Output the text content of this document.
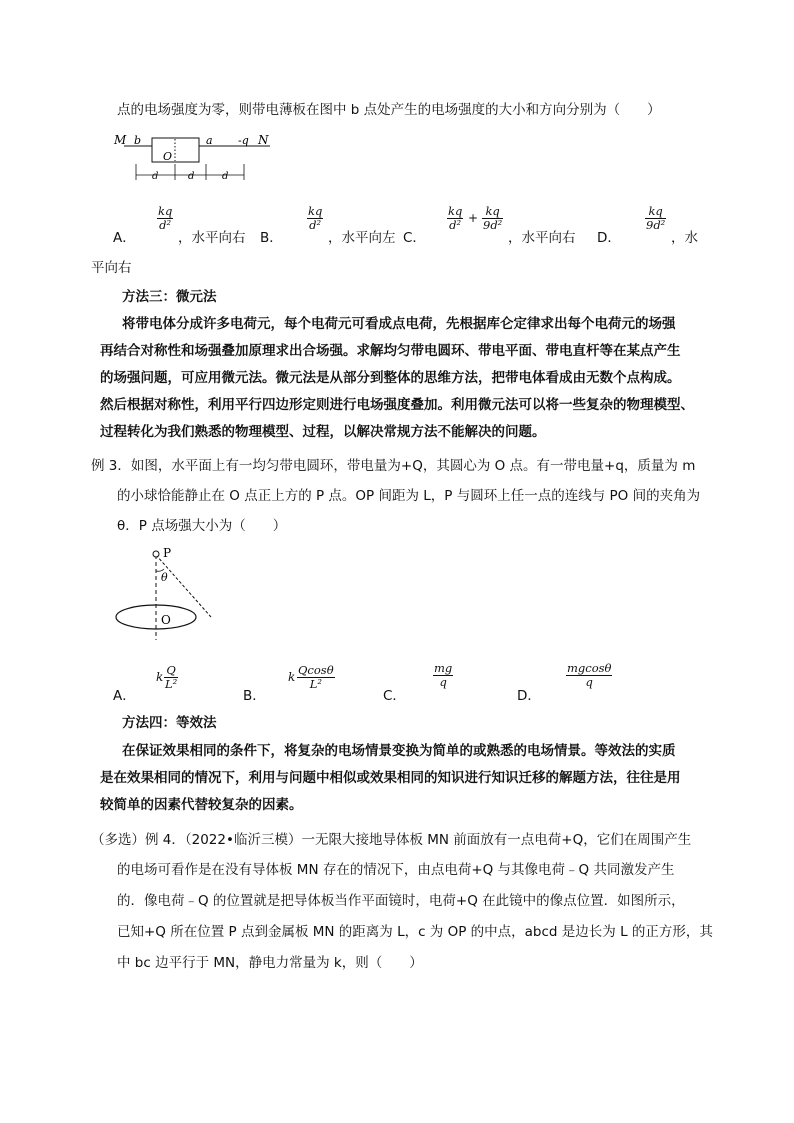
点的电场强度为零，则带电薄板在图中 b 点处产生的电场强度的大小和方向分别为（　　）
M b
O
a -q N
d	d	d
A．
$\frac{kq}{\text{d²}}$
，水平向右 B．
$\frac{kq}{\text{d²}}$
，水平向左 C．
$\frac{kq}{\text{d²}} + \frac{kq}{\text{9d²}}$
，水平向右 D．
$\frac{kq}{\text{9d²}}$
，水
平向右
方法三：微元法
将带电体分成许多电荷元，每个电荷元可看成点电荷，先根据库仑定律求出每个电荷元的场强
再结合对称性和场强叠加原理求出合场强。求解均匀带电圆环、带电平面、带电直杆等在某点产生
的场强问题，可应用微元法。微元法是从部分到整体的思维方法，把带电体看成由无数个点构成。
然后根据对称性，利用平行四边形定则进行电场强度叠加。利用微元法可以将一些复杂的物理模型、
过程转化为我们熟悉的物理模型、过程，以解决常规方法不能解决的问题。
例 3．如图，水平面上有一均匀带电圆环，带电量为+Q，其圆心为 O 点。有一带电量+q，质量为 m
的小球恰能静止在 O 点正上方的 P 点。OP 间距为 L，P 与圆环上任一点的连线与 PO 间的夹角为
θ．P 点场强大小为（　　）
P
θ
O
A．
k $\frac{Q}{\text{L²}}$
B．
k $\frac{Qcos\theta}{\text{L²}}$
C．
$\frac{mg}{q}$
D．
$\frac{mgcos\theta}{q}$
方法四：等效法
在保证效果相同的条件下，将复杂的电场情景变换为简单的或熟悉的电场情景。等效法的实质
是在效果相同的情况下，利用与问题中相似或效果相同的知识进行知识迁移的解题方法，往往是用
较简单的因素代替较复杂的因素。
（多选）例 4．（2022•临沂三模）一无限大接地导体板 MN 前面放有一点电荷+Q，它们在周围产生
的电场可看作是在没有导体板 MN 存在的情况下，由点电荷+Q 与其像电荷﹣Q 共同激发产生
的．像电荷﹣Q 的位置就是把导体板当作平面镜时，电荷+Q 在此镜中的像点位置．如图所示，
已知+Q 所在位置 P 点到金属板 MN 的距离为 L，c 为 OP 的中点，abcd 是边长为 L 的正方形，其
中 bc 边平行于 MN，静电力常量为 k，则（　　）
